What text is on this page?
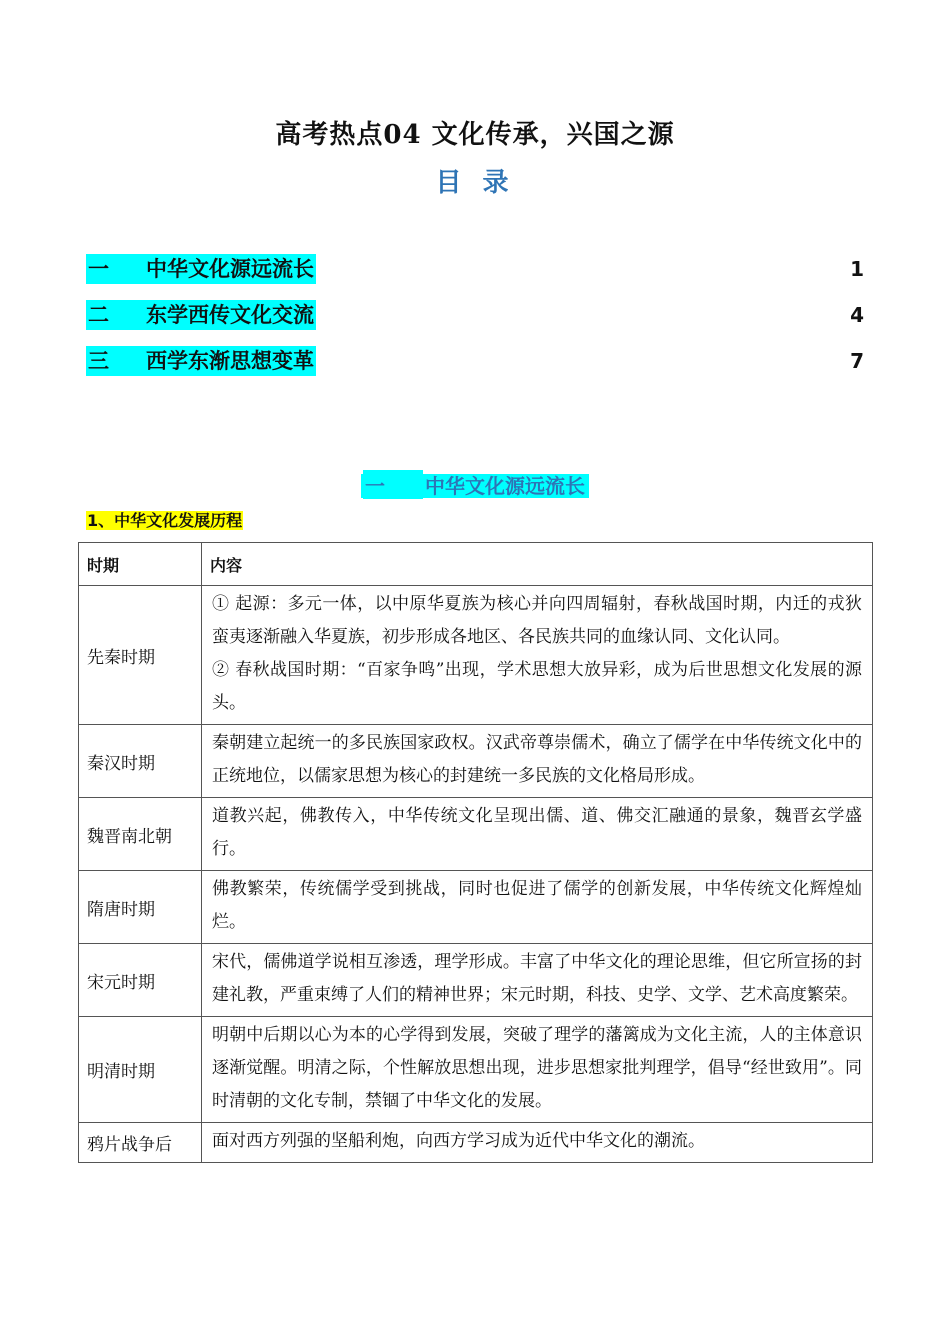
高考热点04 文化传承，兴国之源
目 录
一 中华文化源远流长	1
二 东学西传文化交流	4
三 西学东渐思想变革	7
一 中华文化源远流长
1、中华文化发展历程
时期	内容
先秦时期	① 起源：多元一体，以中原华夏族为核心并向四周辐射，春秋战国时期，内迁的戎狄蛮夷逐渐融入华夏族，初步形成各地区、各民族共同的血缘认同、文化认同。

② 春秋战国时期：“百家争鸣”出现，学术思想大放异彩，成为后世思想文化发展的源头。

秦汉时期	秦朝建立起统一的多民族国家政权。汉武帝尊崇儒术，确立了儒学在中华传统文化中的正统地位，以儒家思想为核心的封建统一多民族的文化格局形成。

魏晋南北朝	道教兴起，佛教传入，中华传统文化呈现出儒、道、佛交汇融通的景象，魏晋玄学盛行。

隋唐时期	佛教繁荣，传统儒学受到挑战，同时也促进了儒学的创新发展，中华传统文化辉煌灿烂。

宋元时期	宋代，儒佛道学说相互渗透，理学形成。丰富了中华文化的理论思维，但它所宣扬的封建礼教，严重束缚了人们的精神世界；宋元时期，科技、史学、文学、艺术高度繁荣。

明清时期	明朝中后期以心为本的心学得到发展，突破了理学的藩篱成为文化主流，人的主体意识逐渐觉醒。明清之际，个性解放思想出现，进步思想家批判理学，倡导“经世致用”。同时清朝的文化专制，禁锢了中华文化的发展。

鸦片战争后	面对西方列强的坚船利炮，向西方学习成为近代中华文化的潮流。
